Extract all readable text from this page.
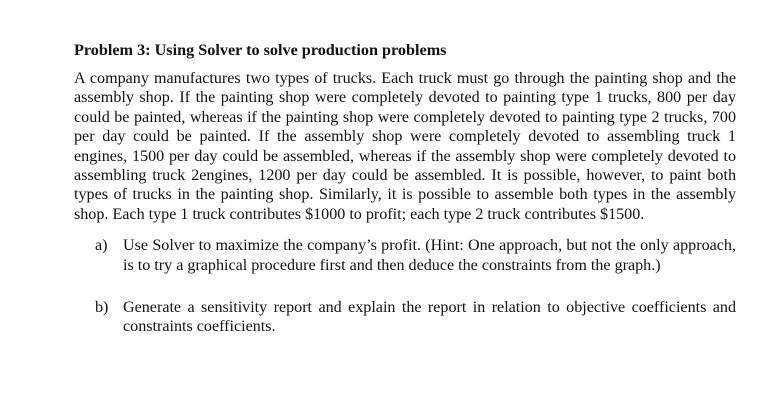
Problem 3: Using Solver to solve production problems

A company manufactures two types of trucks. Each truck must go through the painting shop and the assembly shop. If the painting shop were completely devoted to painting type 1 trucks, 800 per day could be painted, whereas if the painting shop were completely devoted to painting type 2 trucks, 700 per day could be painted. If the assembly shop were completely devoted to assembling truck 1 engines, 1500 per day could be assembled, whereas if the assembly shop were completely devoted to assembling truck 2engines, 1200 per day could be assembled. It is possible, however, to paint both types of trucks in the painting shop. Similarly, it is possible to assemble both types in the assembly shop. Each type 1 truck contributes $1000 to profit; each type 2 truck contributes $1500.

a) Use Solver to maximize the company’s profit. (Hint: One approach, but not the only approach, is to try a graphical procedure first and then deduce the constraints from the graph.)
b) Generate a sensitivity report and explain the report in relation to objective coefficients and constraints coefficients.
